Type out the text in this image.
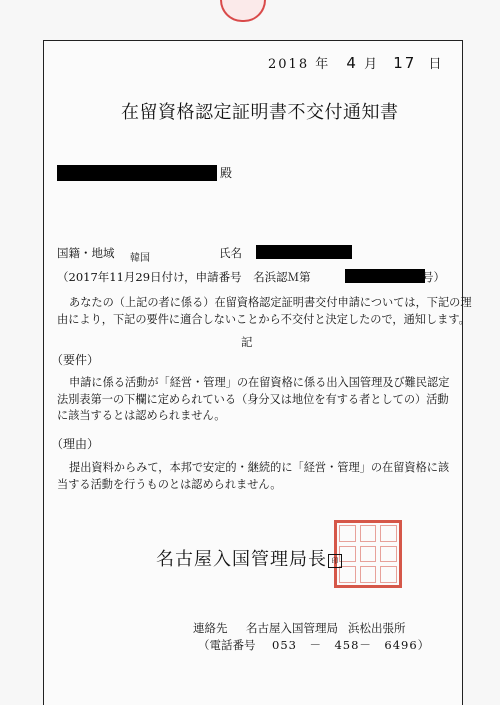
2018 年 4 月 17 日
在留資格認定証明書不交付通知書
殿
国籍・地域 韓国	氏名
（2017年11月29日付け，申請番号　名浜認Ｍ第	号）
あなたの（上記の者に係る）在留資格認定証明書交付申請については，下記の理
由により，下記の要件に適合しないことから不交付と決定したので，通知します。
記
（要件）
申請に係る活動が「経営・管理」の在留資格に係る出入国管理及び難民認定
法別表第一の下欄に定められている（身分又は地位を有する者としての）活動
に該当するとは認められません。
（理由）
提出資料からみて，本邦で安定的・継続的に「経営・管理」の在留資格に該
当する活動を行うものとは認められません。
名古屋入国管理局長 印
連絡先 名古屋入国管理局 浜松出張所
（電話番号 053　－　458－　6496）
